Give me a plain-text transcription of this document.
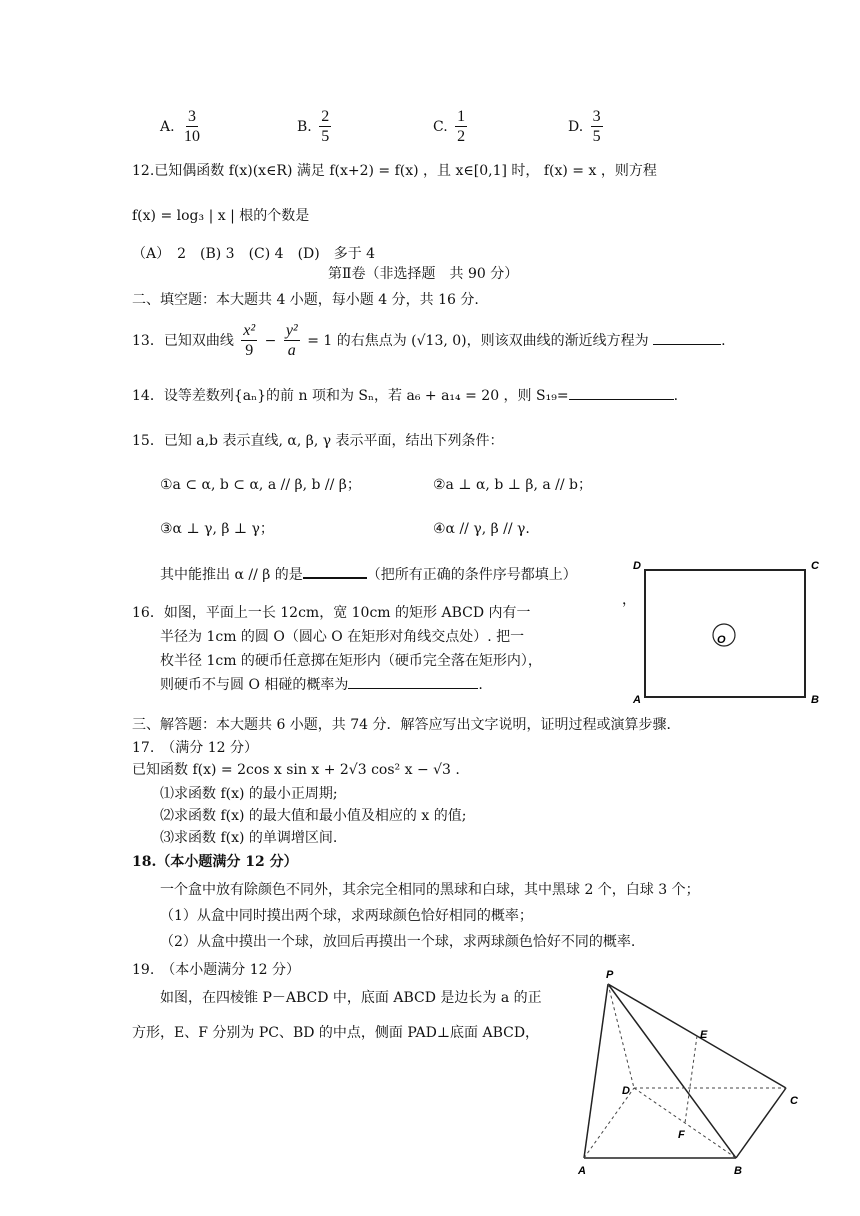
A. $\frac{3}{10}$	B. $\frac{2}{5}$	C. $\frac{1}{2}$	D. $\frac{3}{5}$
12.已知偶函数 f(x)(x∈R) 满足 f(x+2) = f(x) ，且 x∈[0,1] 时， f(x) = x ，则方程
f(x) = log₃ | x | 根的个数是
（A）　2　(B) 3　(C) 4　(D)　多于 4
第Ⅱ卷（非选择题　共 90 分）
二、填空题：本大题共 4 小题，每小题 4 分，共 16 分.
13．已知双曲线 $\frac{\text{x²}}{9} - \frac{\text{y²}}{a} = 1$ 的右焦点为 (√13, 0)，则该双曲线的渐近线方程为	.
14．设等差数列{aₙ}的前 n 项和为 Sₙ，若 a₆ + a₁₄ = 20 ，则 S₁₉=	.
15．已知 a,b 表示直线, α, β, γ 表示平面，结出下列条件：
①a ⊂ α, b ⊂ α, a // β, b // β；	②a ⊥ α, b ⊥ β, a // b；
③α ⊥ γ, β ⊥ γ；	④α // γ, β // γ.
其中能推出 α // β 的是	（把所有正确的条件序号都填上）
16．如图，平面上一长 12cm，宽 10cm 的矩形 ABCD 内有一
半径为 1cm 的圆 O（圆心 O 在矩形对角线交点处）. 把一
枚半径 1cm 的硬币任意掷在矩形内（硬币完全落在矩形内），
则硬币不与圆 O 相碰的概率为	.
，
D	C
A	B
O
三、解答题：本大题共 6 小题，共 74 分．解答应写出文字说明，证明过程或演算步骤．
17.　（满分 12 分）
已知函数 f(x) = 2cos x sin x + 2√3 cos² x − √3 .
⑴求函数 f(x) 的最小正周期;
⑵求函数 f(x) 的最大值和最小值及相应的 x 的值;
⑶求函数 f(x) 的单调增区间.
18.（本小题满分 12 分）
一个盒中放有除颜色不同外，其余完全相同的黑球和白球，其中黑球 2 个，白球 3 个；
（1）从盒中同时摸出两个球，求两球颜色恰好相同的概率；
（2）从盒中摸出一个球，放回后再摸出一个球，求两球颜色恰好不同的概率.
19.　（本小题满分 12 分）
如图，在四棱锥 P－ABCD 中，底面 ABCD 是边长为 a 的正
方形，E、F 分别为 PC、BD 的中点，侧面 PAD⊥底面 ABCD，
P
A	B
C
D
E
F
